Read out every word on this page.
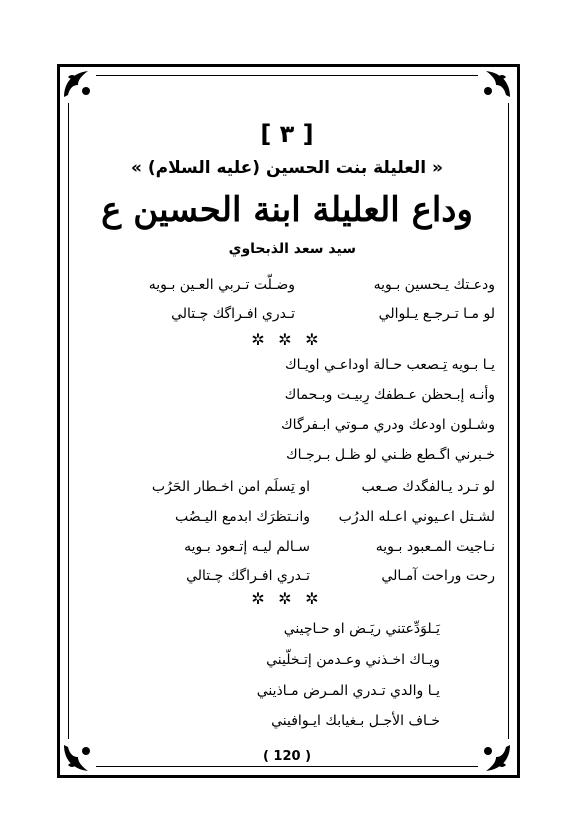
[ ٣ ]
« العليلة بنت الحسين (عليه السلام) »
وداع العليلة ابنة الحسين ع
سيد سعد الذبحاوي
ودعـتك يـحسين بـويه
وضـلّت تـربي العـين بـويه
لو مـا تـرجـع يـلوالي
تـدري افـراگك چـتالي
✲ ✲ ✲
يـا بـويه تِـصعب حـالة اوداعـي اويـاك
وأنـه إبـحظن عـطفك رِبيـت وبـحماك
وشـلون اودعك ودري مـوتي ابـفرگاك
خـبرني اگـطع ظـني لو ظـل بـرجـاك
لو تـرد يـالفگدك صـعب
او تِسلَم امن اخـطار الحَرُب
لشـتل اعـيوني اعـله الدرُب
وانـتظرَك ابدمع اليـصُب
نـاجيت المـعبود بـويه
سـالم ليـه إتـعود بـويه
رحت وراحت آمـالي
تـدري افـراگك چـتالي
✲ ✲ ✲
يَـلوَدِّعتني ريَـض او حـاچيني
ويـاك اخـذني وعـدمن إتـخلّيني
يـا والدي تـدري المـرض مـاذيني
خـاف الأجـل بـغيابك ايـوافيني
( 120 )
